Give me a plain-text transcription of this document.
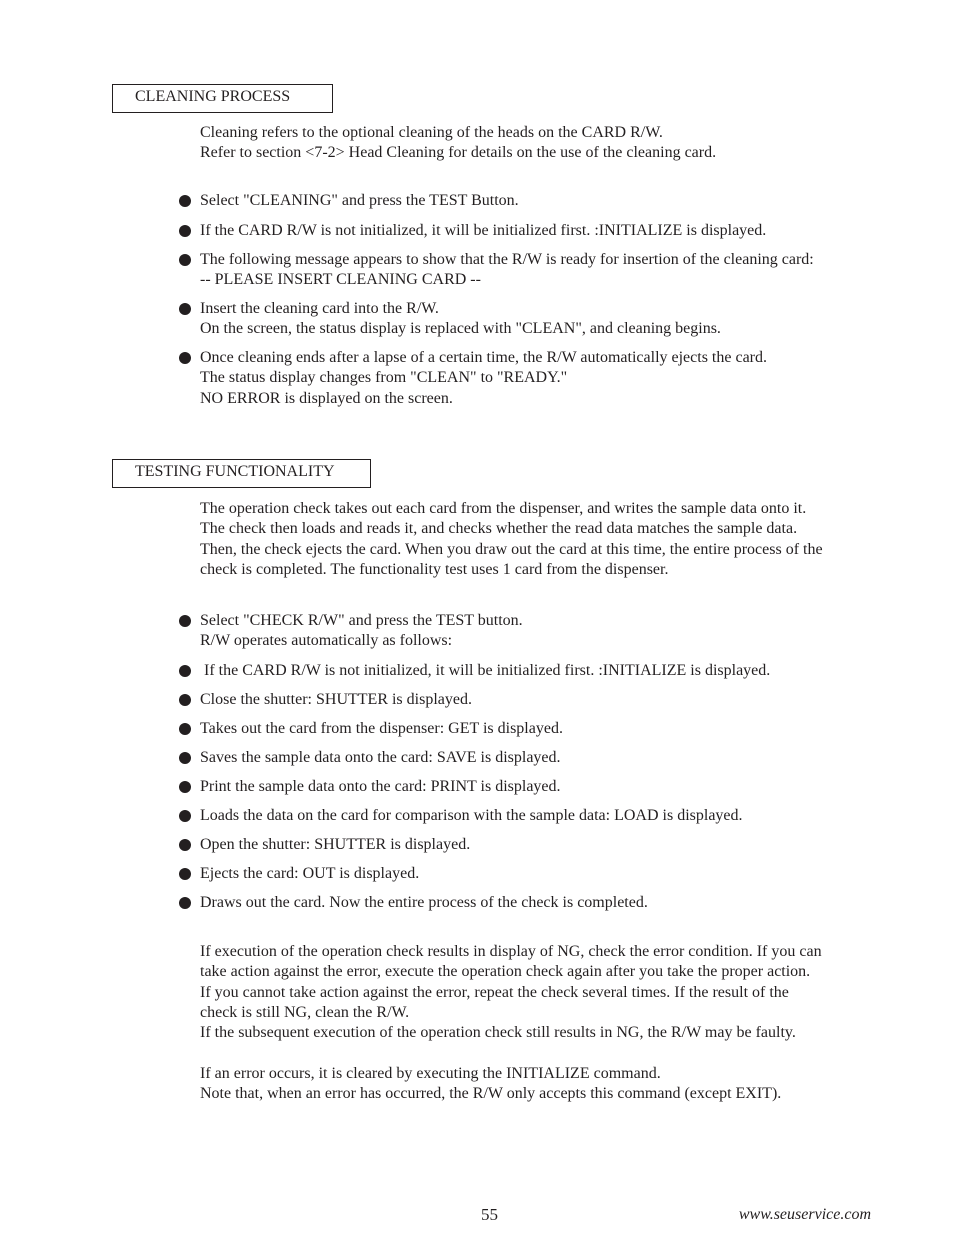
CLEANING PROCESS
Cleaning refers to the optional cleaning of the heads on the CARD R/W.
Refer to section <7-2> Head Cleaning for details on the use of the cleaning card.
Select "CLEANING" and press the TEST Button.
If the CARD R/W is not initialized, it will be initialized first. :INITIALIZE is displayed.
The following message appears to show that the R/W is ready for insertion of the cleaning card:
-- PLEASE INSERT CLEANING CARD --
Insert the cleaning card into the R/W.
On the screen, the status display is replaced with "CLEAN", and cleaning begins.
Once cleaning ends after a lapse of a certain time, the R/W automatically ejects the card.
The status display changes from "CLEAN" to "READY."
NO ERROR is displayed on the screen.
TESTING FUNCTIONALITY
The operation check takes out each card from the dispenser, and writes the sample data onto it.
The check then loads and reads it, and checks whether the read data matches the sample data.
Then, the check ejects the card. When you draw out the card at this time, the entire process of the
check is completed. The functionality test uses 1 card from the dispenser.
Select "CHECK R/W" and press the TEST button.
R/W operates automatically as follows:
If the CARD R/W is not initialized, it will be initialized first. :INITIALIZE is displayed.
Close the shutter: SHUTTER is displayed.
Takes out the card from the dispenser: GET is displayed.
Saves the sample data onto the card: SAVE is displayed.
Print the sample data onto the card: PRINT is displayed.
Loads the data on the card for comparison with the sample data: LOAD is displayed.
Open the shutter: SHUTTER is displayed.
Ejects the card: OUT is displayed.
Draws out the card. Now the entire process of the check is completed.
If execution of the operation check results in display of NG, check the error condition. If you can
take action against the error, execute the operation check again after you take the proper action.
If you cannot take action against the error, repeat the check several times. If the result of the
check is still NG, clean the R/W.
If the subsequent execution of the operation check still results in NG, the R/W may be faulty.
If an error occurs, it is cleared by executing the INITIALIZE command.
Note that, when an error has occurred, the R/W only accepts this command (except EXIT).
55	www.seuservice.com
